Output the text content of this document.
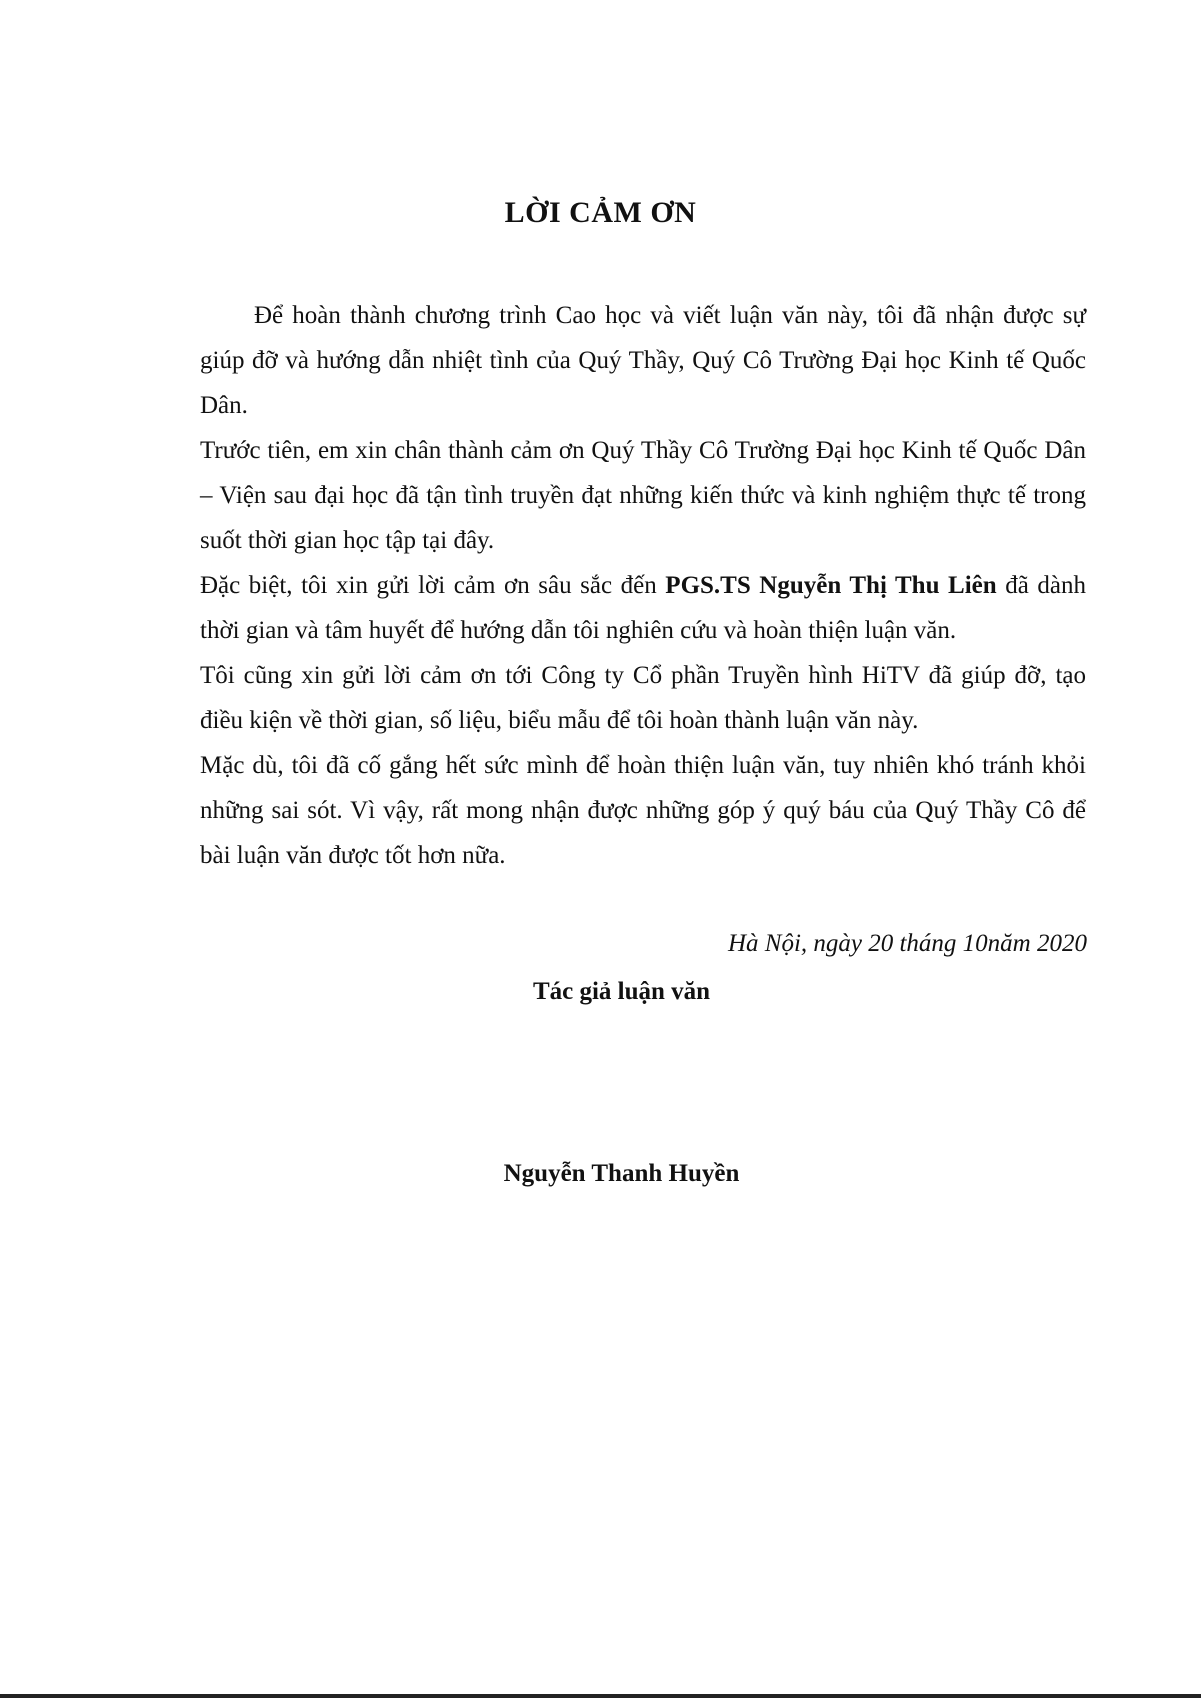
LỜI CẢM ƠN

Để hoàn thành chương trình Cao học và viết luận văn này, tôi đã nhận được sự giúp đỡ và hướng dẫn nhiệt tình của Quý Thầy, Quý Cô Trường Đại học Kinh tế Quốc Dân.

Trước tiên, em xin chân thành cảm ơn Quý Thầy Cô Trường Đại học Kinh tế Quốc Dân – Viện sau đại học đã tận tình truyền đạt những kiến thức và kinh nghiệm thực tế trong suốt thời gian học tập tại đây.

Đặc biệt, tôi xin gửi lời cảm ơn sâu sắc đến PGS.TS Nguyễn Thị Thu Liên đã dành thời gian và tâm huyết để hướng dẫn tôi nghiên cứu và hoàn thiện luận văn.

Tôi cũng xin gửi lời cảm ơn tới Công ty Cổ phần Truyền hình HiTV đã giúp đỡ, tạo điều kiện về thời gian, số liệu, biểu mẫu để tôi hoàn thành luận văn này.

Mặc dù, tôi đã cố gắng hết sức mình để hoàn thiện luận văn, tuy nhiên khó tránh khỏi những sai sót. Vì vậy, rất mong nhận được những góp ý quý báu của Quý Thầy Cô để bài luận văn được tốt hơn nữa.

Hà Nội, ngày 20 tháng 10năm 2020

Tác giả luận văn

Nguyễn Thanh Huyền
